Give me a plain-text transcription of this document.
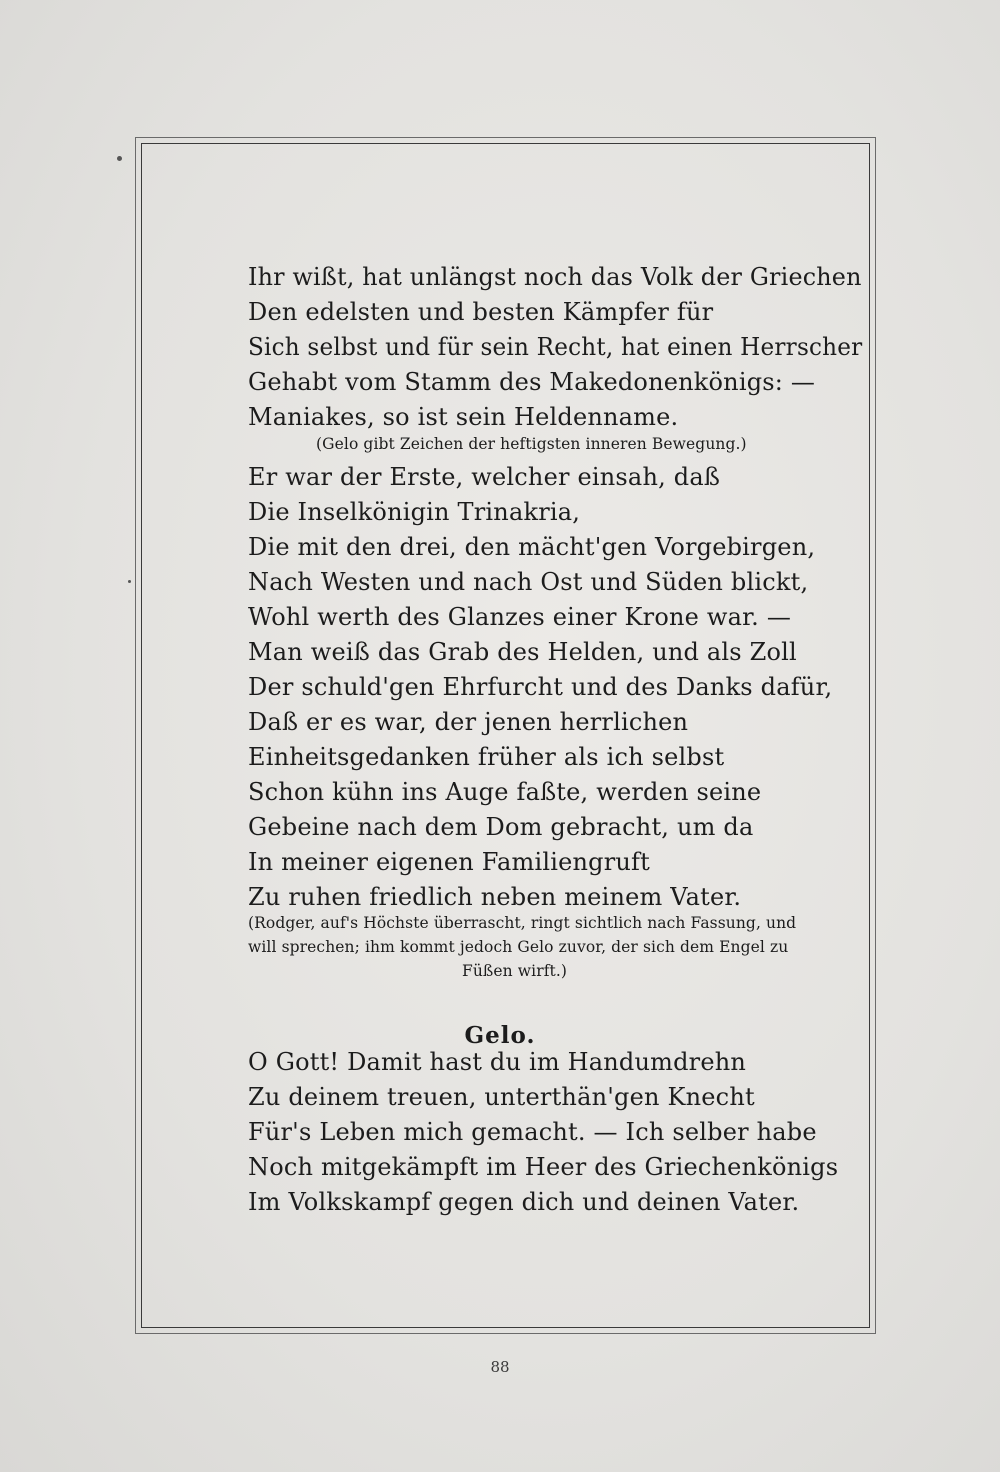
Ihr wißt, hat unlängst noch das Volk der Griechen
Den edelsten und besten Kämpfer für
Sich selbst und für sein Recht, hat einen Herrscher
Gehabt vom Stamm des Makedonenkönigs: —
Maniakes, so ist sein Heldenname.
(Gelo gibt Zeichen der heftigsten inneren Bewegung.)
Er war der Erste, welcher einsah, daß
Die Inselkönigin Trinakria,
Die mit den drei, den mächt'gen Vorgebirgen,
Nach Westen und nach Ost und Süden blickt,
Wohl werth des Glanzes einer Krone war. —
Man weiß das Grab des Helden, und als Zoll
Der schuld'gen Ehrfurcht und des Danks dafür,
Daß er es war, der jenen herrlichen
Einheitsgedanken früher als ich selbst
Schon kühn ins Auge faßte, werden seine
Gebeine nach dem Dom gebracht, um da
In meiner eigenen Familiengruft
Zu ruhen friedlich neben meinem Vater.
(Rodger, auf's Höchste überrascht, ringt sichtlich nach Fassung, und
will sprechen; ihm kommt jedoch Gelo zuvor, der sich dem Engel zu
Füßen wirft.)
Gelo.
O Gott! Damit hast du im Handumdrehn
Zu deinem treuen, unterthän'gen Knecht
Für's Leben mich gemacht. — Ich selber habe
Noch mitgekämpft im Heer des Griechenkönigs
Im Volkskampf gegen dich und deinen Vater.
88
